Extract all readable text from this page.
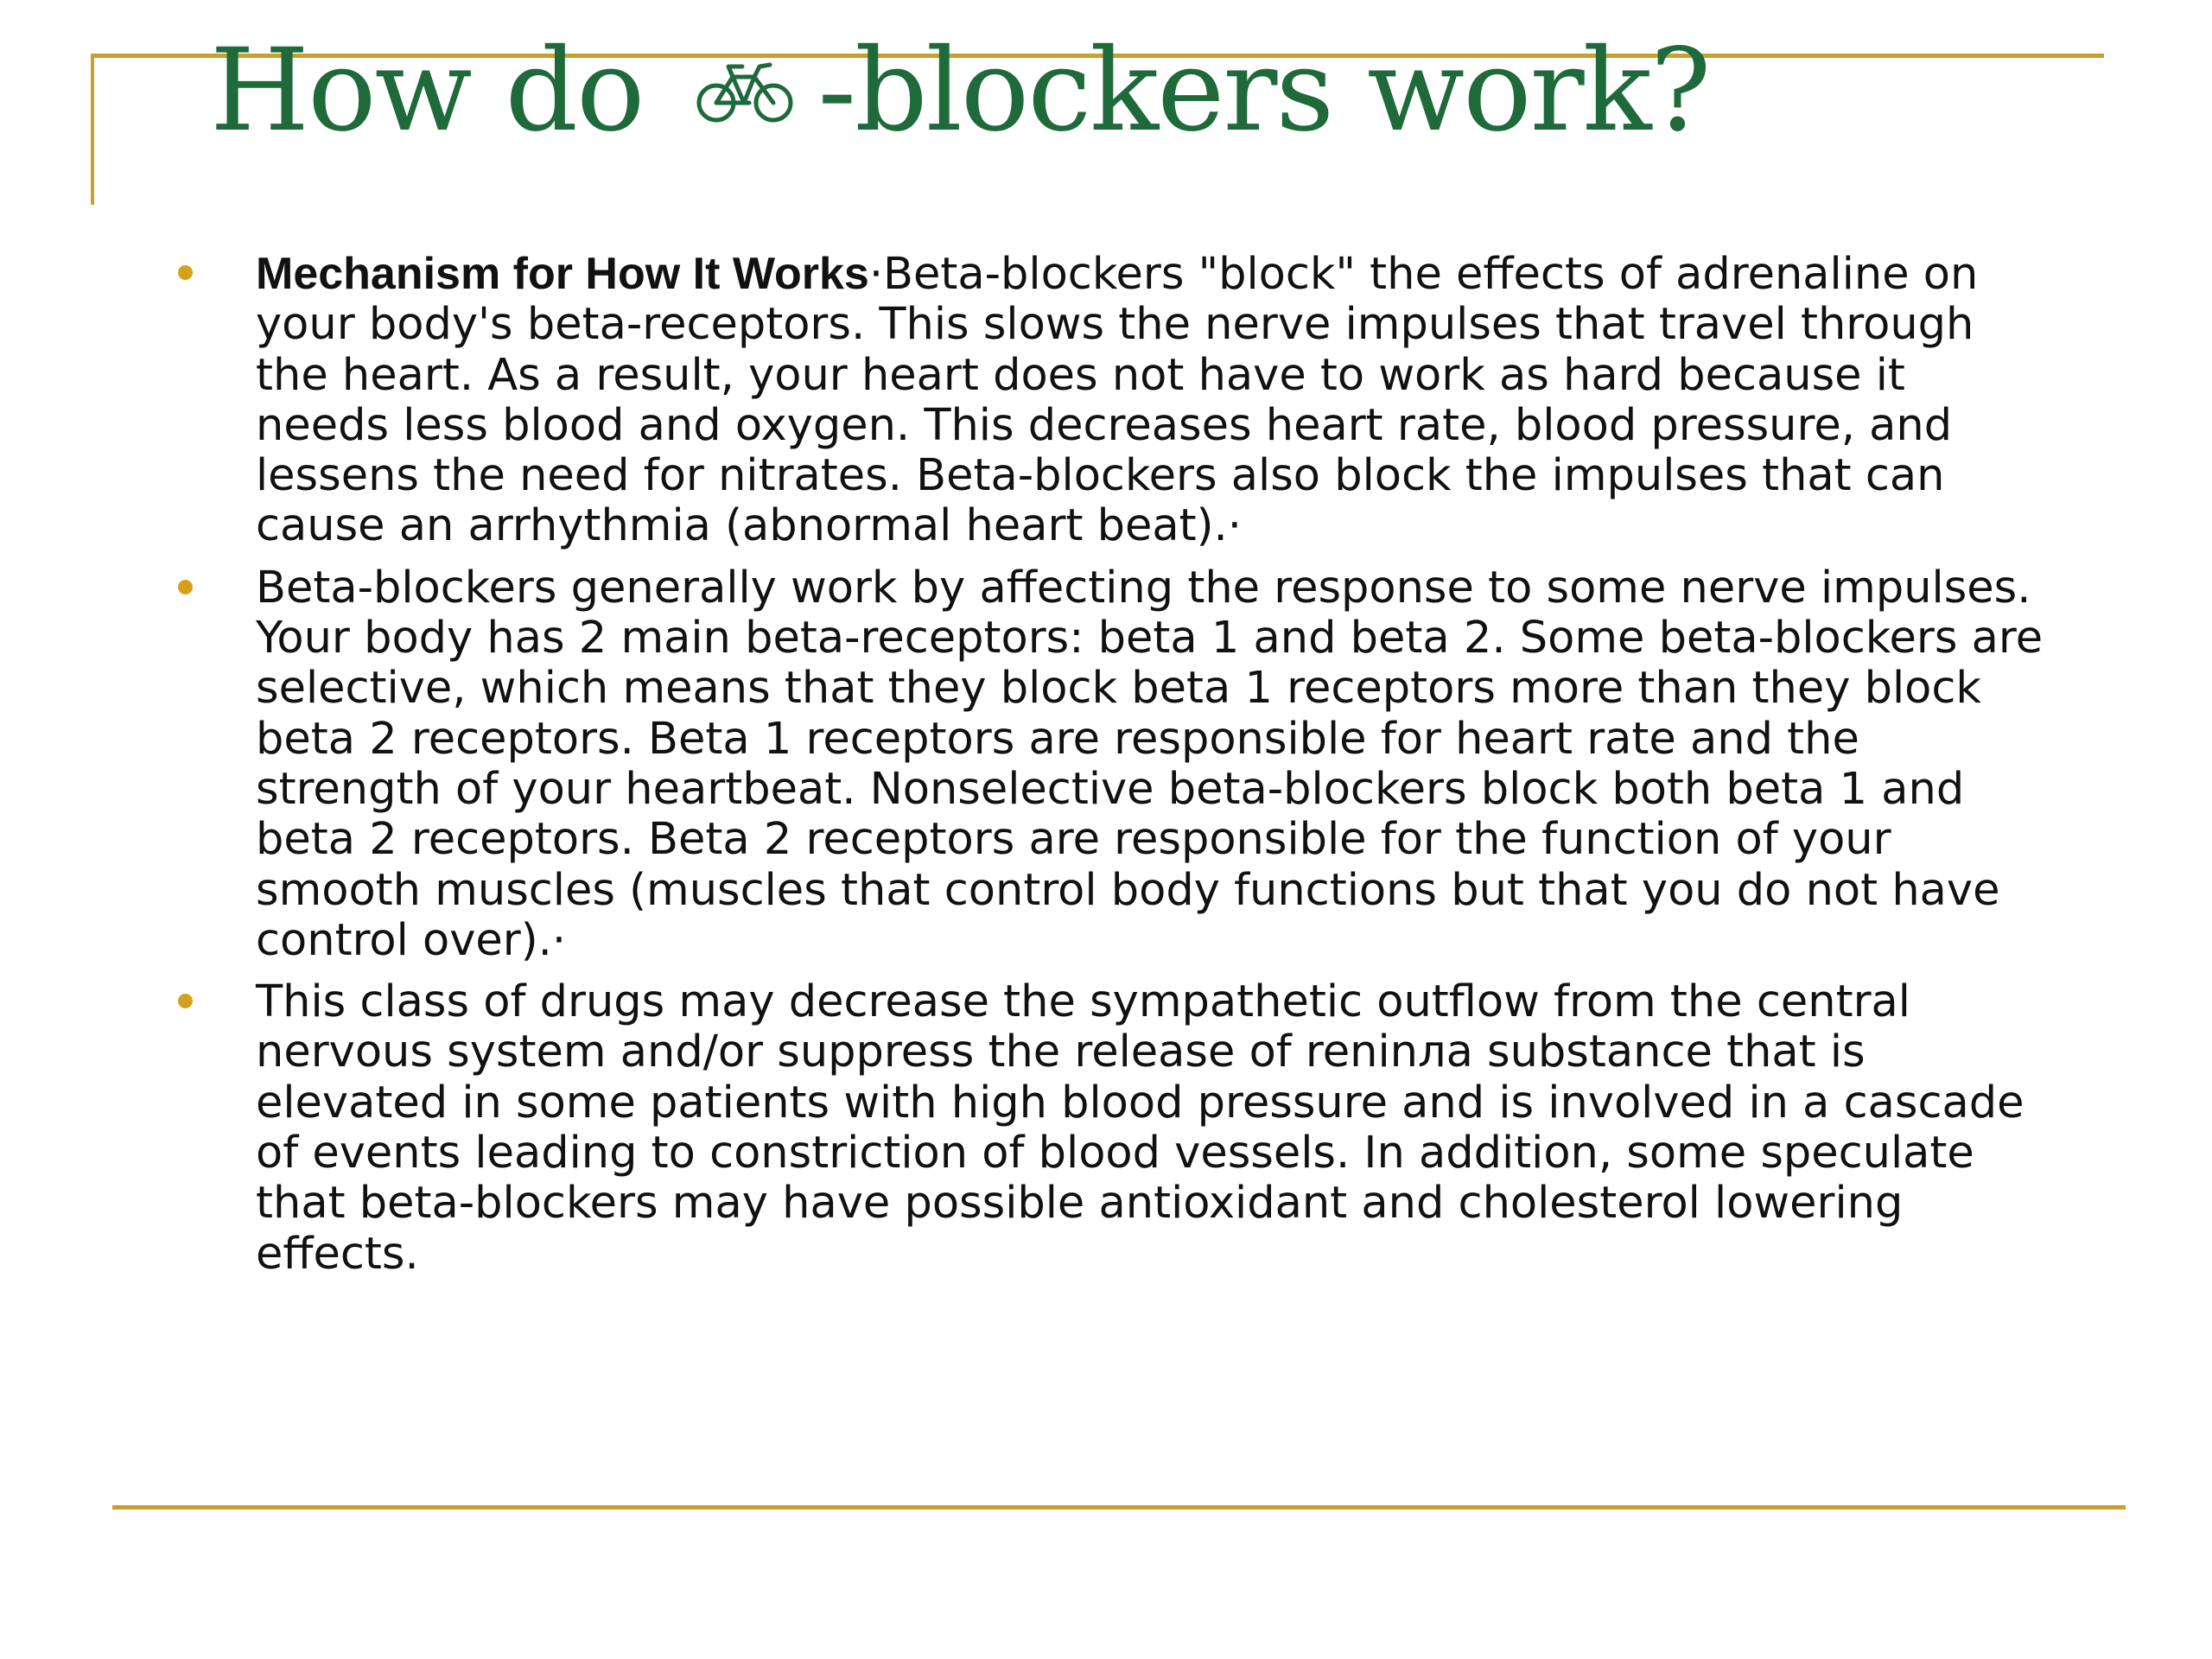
How do -blockers work?
Mechanism for How It Works·Beta-blockers "block" the effects of adrenaline on your body's beta-receptors. This slows the nerve impulses that travel through the heart. As a result, your heart does not have to work as hard because it needs less blood and oxygen. This decreases heart rate, blood pressure, and lessens the need for nitrates. Beta-blockers also block the impulses that can cause an arrhythmia (abnormal heart beat).·
Beta-blockers generally work by affecting the response to some nerve impulses. Your body has 2 main beta-receptors: beta 1 and beta 2. Some beta-blockers are selective, which means that they block beta 1 receptors more than they block beta 2 receptors. Beta 1 receptors are responsible for heart rate and the strength of your heartbeat. Nonselective beta-blockers block both beta 1 and beta 2 receptors. Beta 2 receptors are responsible for the function of your smooth muscles (muscles that control body functions but that you do not have control over).·
This class of drugs may decrease the sympathetic outflow from the central nervous system and/or suppress the release of reninᴫa substance that is elevated in some patients with high blood pressure and is involved in a cascade of events leading to constriction of blood vessels. In addition, some speculate that beta-blockers may have possible antioxidant and cholesterol lowering effects.
